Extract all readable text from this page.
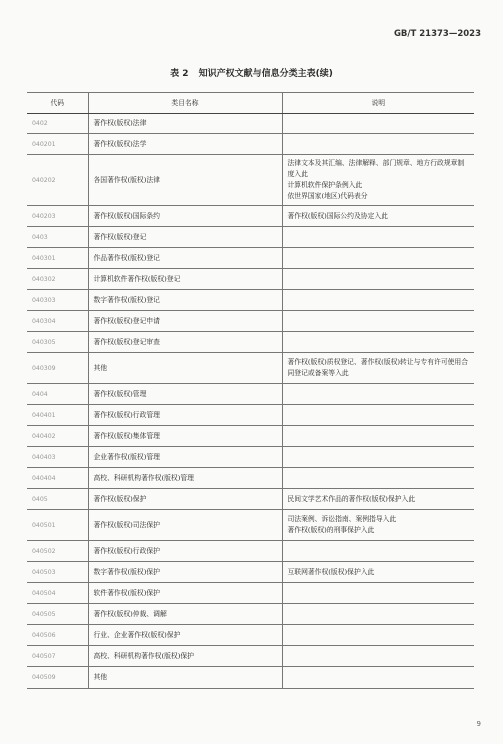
GB/T 21373—2023
表 2 知识产权文献与信息分类主表(续)
代码	类目名称	说明
0402	著作权(版权)法律	
040201	著作权(版权)法学	
040202	各国著作权(版权)法律	法律文本及其汇编、法律解释、部门规章、地方行政规章制度入此
计算机软件保护条例入此
依世界国家(地区)代码表分

040203	著作权(版权)国际条约	著作权(版权)国际公约及协定入此

0403	著作权(版权)登记	
040301	作品著作权(版权)登记	
040302	计算机软件著作权(版权)登记	
040303	数字著作权(版权)登记	
040304	著作权(版权)登记申请	
040305	著作权(版权)登记审查	
040309	其他	著作权(版权)质权登记、著作权(版权)转让与专有许可使用合同登记或备案等入此

0404	著作权(版权)管理	
040401	著作权(版权)行政管理	
040402	著作权(版权)集体管理	
040403	企业著作权(版权)管理	
040404	高校、科研机构著作权(版权)管理	
0405	著作权(版权)保护	民间文学艺术作品的著作权(版权)保护入此

040501	著作权(版权)司法保护	司法案例、诉讼指南、案例指导入此
著作权(版权)的刑事保护入此

040502	著作权(版权)行政保护	
040503	数字著作权(版权)保护	互联网著作权(版权)保护入此

040504	软件著作权(版权)保护	
040505	著作权(版权)仲裁、调解	
040506	行业、企业著作权(版权)保护	
040507	高校、科研机构著作权(版权)保护	
040509	其他	
9
